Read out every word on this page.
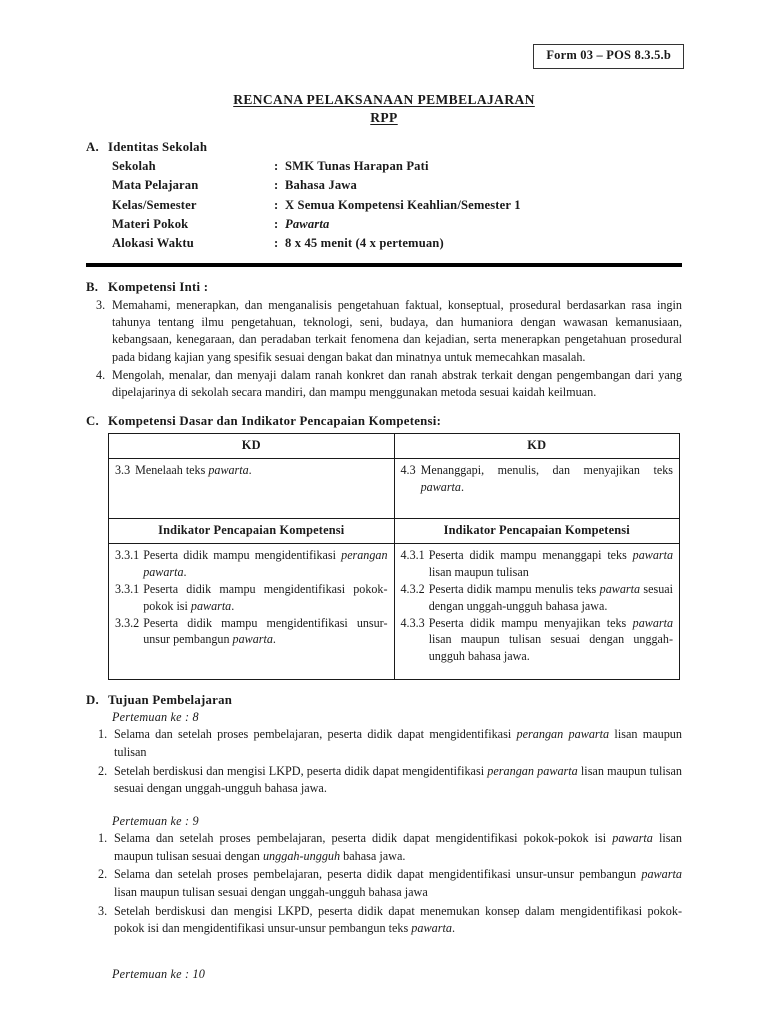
Form 03 – POS 8.3.5.b
RENCANA PELAKSANAAN PEMBELAJARAN
RPP
A. Identitas Sekolah
Sekolah	: SMK Tunas Harapan Pati
Mata Pelajaran	: Bahasa Jawa
Kelas/Semester	: X Semua Kompetensi Keahlian/Semester 1
Materi Pokok	: Pawarta
Alokasi Waktu	: 8 x 45 menit (4 x pertemuan)
B. Kompetensi Inti :
3. Memahami, menerapkan, dan menganalisis pengetahuan faktual, konseptual, prosedural berdasarkan rasa ingin tahunya tentang ilmu pengetahuan, teknologi, seni, budaya, dan humaniora dengan wawasan kemanusiaan, kebangsaan, kenegaraan, dan peradaban terkait fenomena dan kejadian, serta menerapkan pengetahuan prosedural pada bidang kajian yang spesifik sesuai dengan bakat dan minatnya untuk memecahkan masalah.
4. Mengolah, menalar, dan menyaji dalam ranah konkret dan ranah abstrak terkait dengan pengembangan dari yang dipelajarinya di sekolah secara mandiri, dan mampu menggunakan metoda sesuai kaidah keilmuan.
C. Kompetensi Dasar dan Indikator Pencapaian Kompetensi:
KD	KD

3.3 Menelaah teks pawarta.	4.3 Menanggapi, menulis, dan menyajikan teks pawarta.

Indikator Pencapaian Kompetensi	Indikator Pencapaian Kompetensi

3.3.1 Peserta didik mampu mengidentifikasi perangan pawarta.
3.3.1 Peserta didik mampu mengidentifikasi pokok-pokok isi pawarta.
3.3.2 Peserta didik mampu mengidentifikasi unsur-unsur pembangun pawarta.

4.3.1 Peserta didik mampu menanggapi teks pawarta lisan maupun tulisan
4.3.2 Peserta didik mampu menulis teks pawarta sesuai dengan unggah-ungguh bahasa jawa.
4.3.3 Peserta didik mampu menyajikan teks pawarta lisan maupun tulisan sesuai dengan unggah-ungguh bahasa jawa.
D. Tujuan Pembelajaran
Pertemuan ke : 8
1. Selama dan setelah proses pembelajaran, peserta didik dapat mengidentifikasi perangan pawarta lisan maupun tulisan
2. Setelah berdiskusi dan mengisi LKPD, peserta didik dapat mengidentifikasi perangan pawarta lisan maupun tulisan sesuai dengan unggah-ungguh bahasa jawa.
Pertemuan ke : 9
1. Selama dan setelah proses pembelajaran, peserta didik dapat mengidentifikasi pokok-pokok isi pawarta lisan maupun tulisan sesuai dengan unggah-ungguh bahasa jawa.
2. Selama dan setelah proses pembelajaran, peserta didik dapat mengidentifikasi unsur-unsur pembangun pawarta lisan maupun tulisan sesuai dengan unggah-ungguh bahasa jawa
3. Setelah berdiskusi dan mengisi LKPD, peserta didik dapat menemukan konsep dalam mengidentifikasi pokok-pokok isi dan mengidentifikasi unsur-unsur pembangun teks pawarta.
Pertemuan ke : 10
